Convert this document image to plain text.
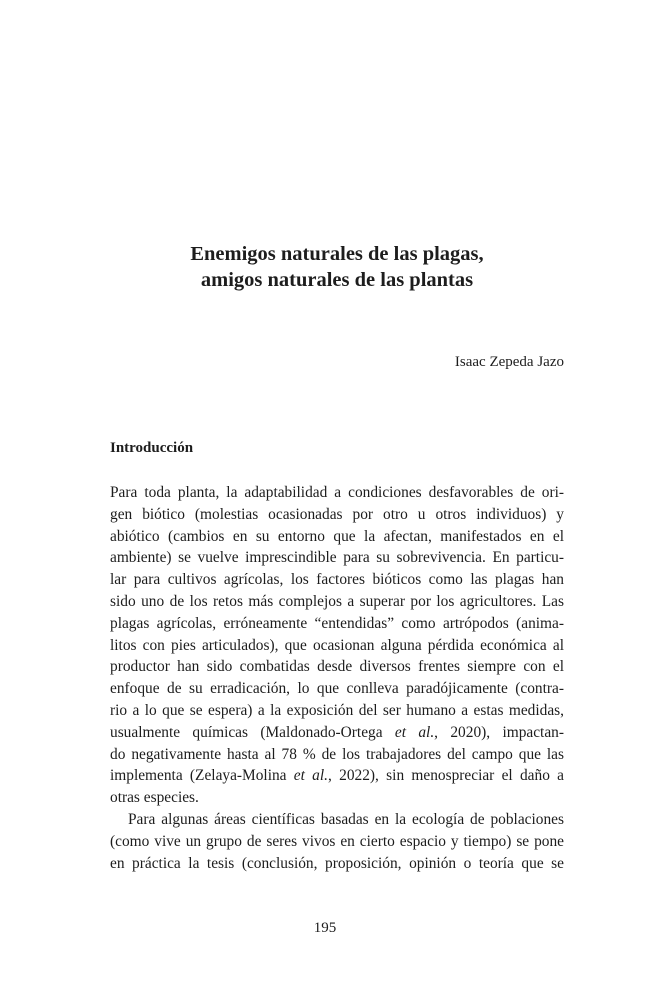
Enemigos naturales de las plagas,
amigos naturales de las plantas
Isaac Zepeda Jazo
Introducción
Para toda planta, la adaptabilidad a condiciones desfavorables de ori-
gen biótico (molestias ocasionadas por otro u otros individuos) y
abiótico (cambios en su entorno que la afectan, manifestados en el
ambiente) se vuelve imprescindible para su sobrevivencia. En particu-
lar para cultivos agrícolas, los factores bióticos como las plagas han
sido uno de los retos más complejos a superar por los agricultores. Las
plagas agrícolas, erróneamente “entendidas” como artrópodos (anima-
litos con pies articulados), que ocasionan alguna pérdida económica al
productor han sido combatidas desde diversos frentes siempre con el
enfoque de su erradicación, lo que conlleva paradójicamente (contra-
rio a lo que se espera) a la exposición del ser humano a estas medidas,
usualmente químicas (Maldonado-Ortega et al., 2020), impactan-
do negativamente hasta al 78 % de los trabajadores del campo que las
implementa (Zelaya-Molina et al., 2022), sin menospreciar el daño a
otras especies.
Para algunas áreas científicas basadas en la ecología de poblaciones
(como vive un grupo de seres vivos en cierto espacio y tiempo) se pone
en práctica la tesis (conclusión, proposición, opinión o teoría que se
195
